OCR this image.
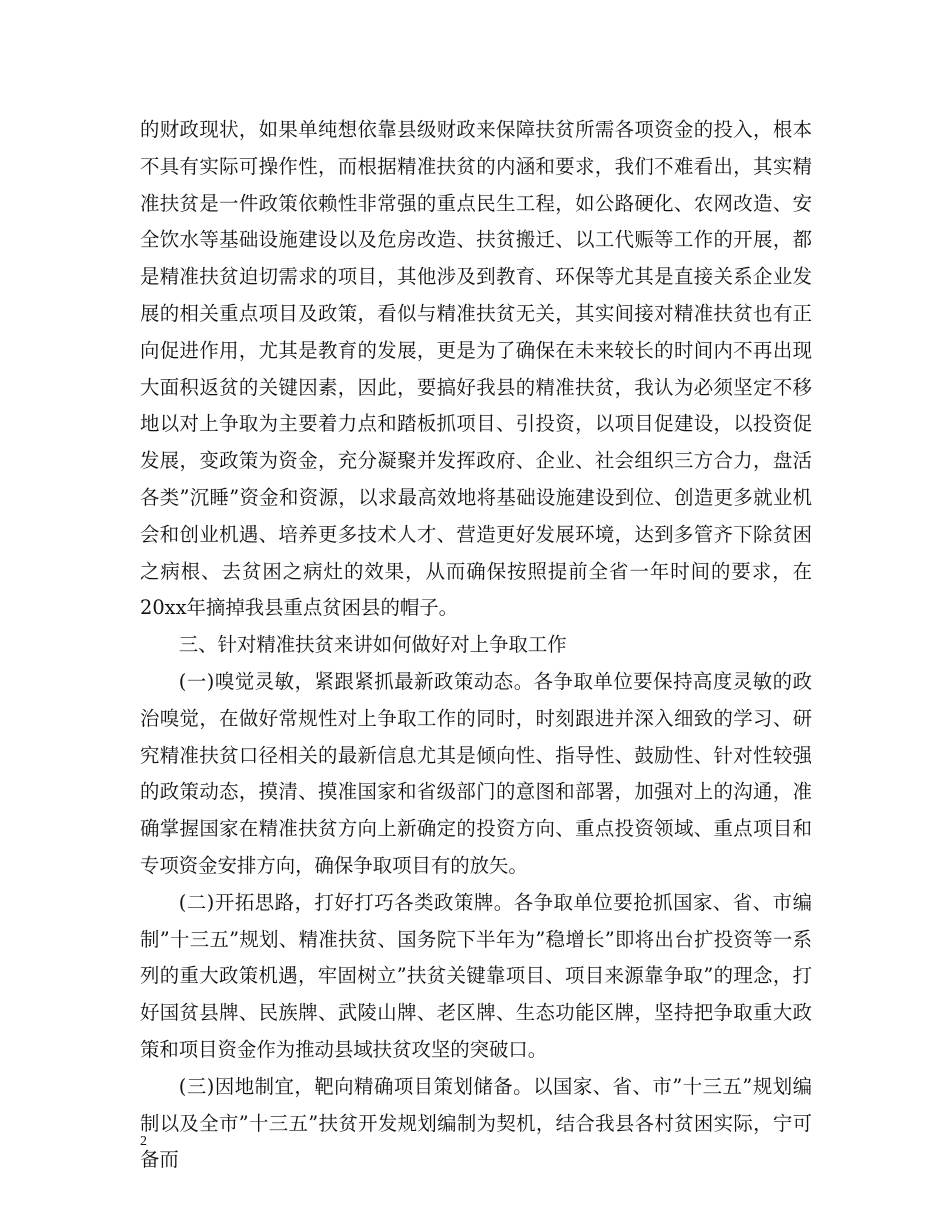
的财政现状，如果单纯想依靠县级财政来保障扶贫所需各项资金的投入，根本不具有实际可操作性，而根据精准扶贫的内涵和要求，我们不难看出，其实精准扶贫是一件政策依赖性非常强的重点民生工程，如公路硬化、农网改造、安全饮水等基础设施建设以及危房改造、扶贫搬迁、以工代赈等工作的开展，都是精准扶贫迫切需求的项目，其他涉及到教育、环保等尤其是直接关系企业发展的相关重点项目及政策，看似与精准扶贫无关，其实间接对精准扶贫也有正向促进作用，尤其是教育的发展，更是为了确保在未来较长的时间内不再出现大面积返贫的关键因素，因此，要搞好我县的精准扶贫，我认为必须坚定不移地以对上争取为主要着力点和踏板抓项目、引投资，以项目促建设，以投资促发展，变政策为资金，充分凝聚并发挥政府、企业、社会组织三方合力，盘活各类”沉睡”资金和资源，以求最高效地将基础设施建设到位、创造更多就业机会和创业机遇、培养更多技术人才、营造更好发展环境，达到多管齐下除贫困之病根、去贫困之病灶的效果，从而确保按照提前全省一年时间的要求，在20xx年摘掉我县重点贫困县的帽子。

三、针对精准扶贫来讲如何做好对上争取工作

(一)嗅觉灵敏，紧跟紧抓最新政策动态。各争取单位要保持高度灵敏的政治嗅觉，在做好常规性对上争取工作的同时，时刻跟进并深入细致的学习、研究精准扶贫口径相关的最新信息尤其是倾向性、指导性、鼓励性、针对性较强的政策动态，摸清、摸准国家和省级部门的意图和部署，加强对上的沟通，准确掌握国家在精准扶贫方向上新确定的投资方向、重点投资领域、重点项目和专项资金安排方向，确保争取项目有的放矢。

(二)开拓思路，打好打巧各类政策牌。各争取单位要抢抓国家、省、市编制”十三五”规划、精准扶贫、国务院下半年为”稳增长”即将出台扩投资等一系列的重大政策机遇，牢固树立”扶贫关键靠项目、项目来源靠争取”的理念，打好国贫县牌、民族牌、武陵山牌、老区牌、生态功能区牌，坚持把争取重大政策和项目资金作为推动县域扶贫攻坚的突破口。

(三)因地制宜，靶向精确项目策划储备。以国家、省、市”十三五”规划编制以及全市”十三五”扶贫开发规划编制为契机，结合我县各村贫困实际，宁可备而

2
